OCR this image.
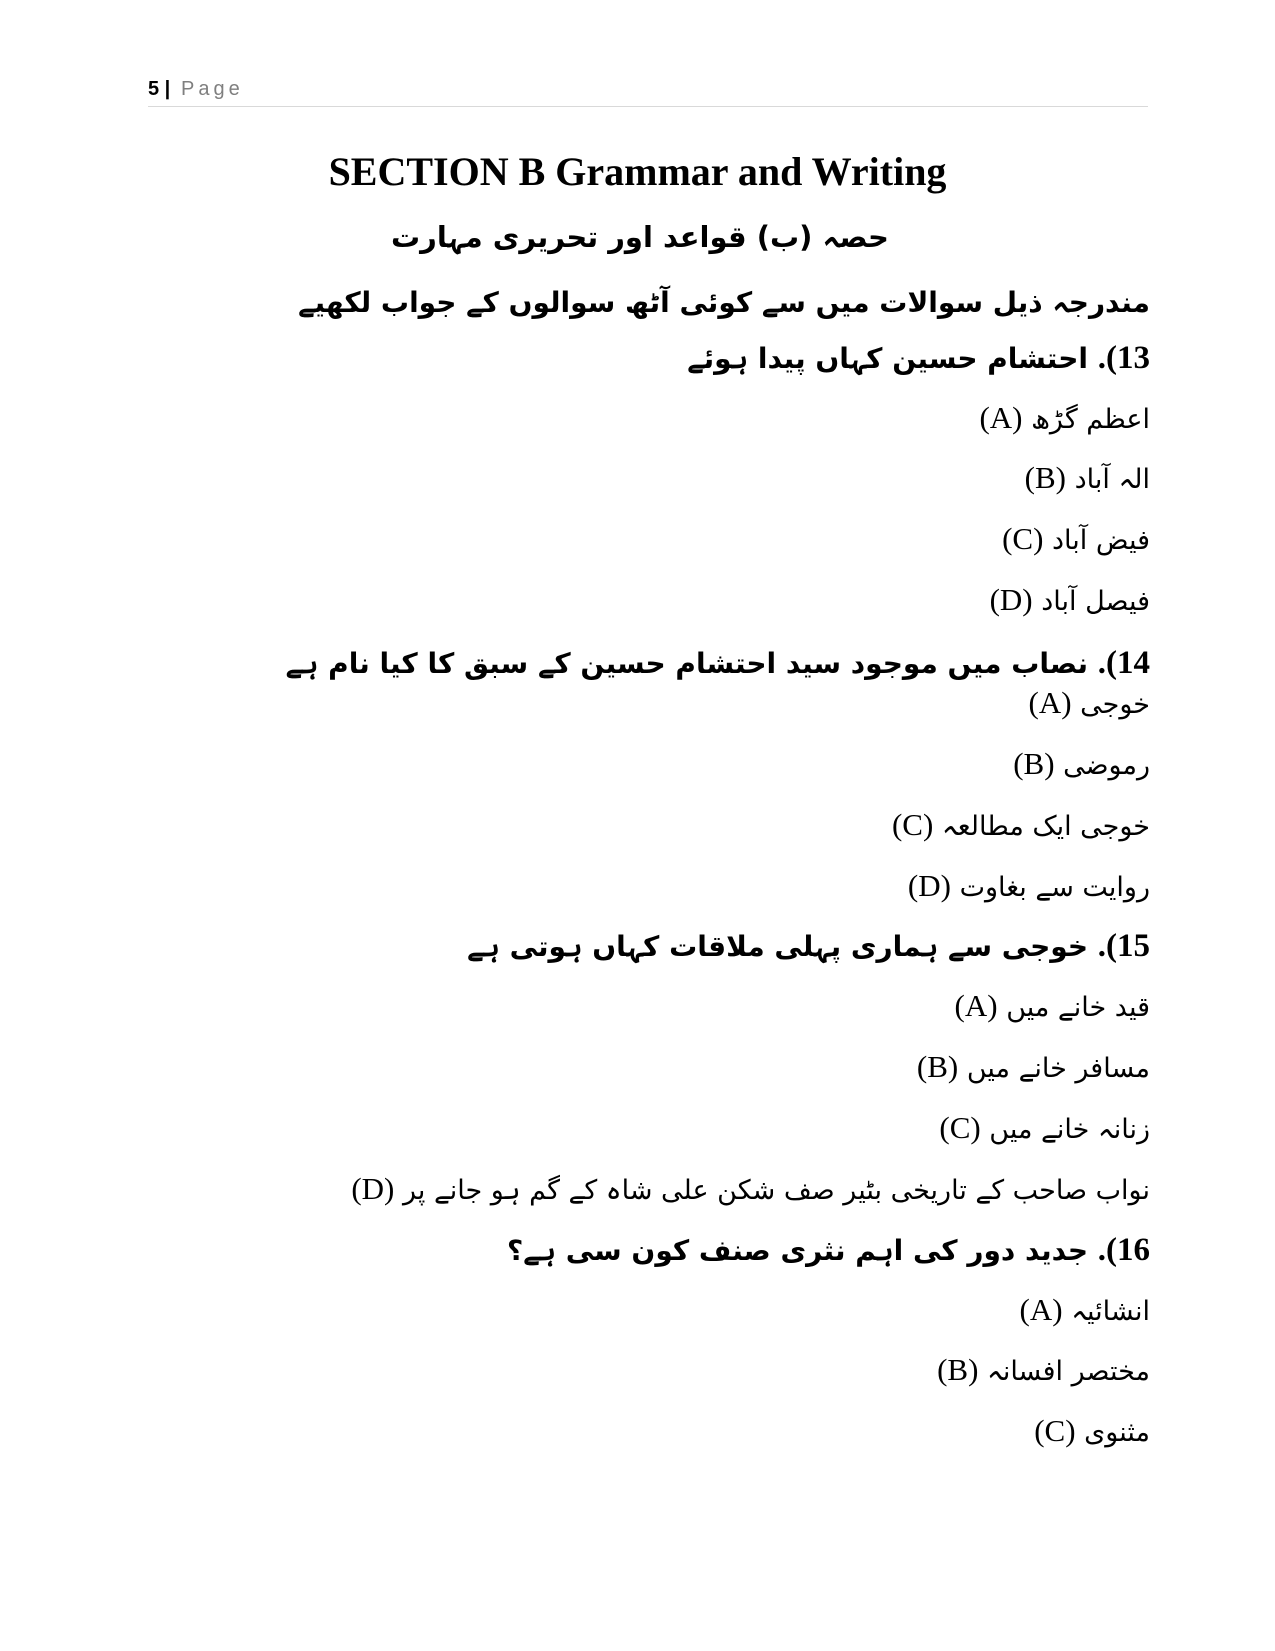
5 | Page
SECTION B Grammar and Writing
حصہ (ب) قواعد اور تحریری مہارت
مندرجہ ذیل سوالات میں سے کوئی آٹھ سوالوں کے جواب لکھیے
13). احتشام حسین کہاں پیدا ہوئے
(A) اعظم گڑھ
(B) الہ آباد
(C) فیض آباد
(D) فیصل آباد
14). نصاب میں موجود سید احتشام حسین کے سبق کا کیا نام ہے
(A) خوجی
(B) رموضی
(C) خوجی ایک مطالعہ
(D) روایت سے بغاوت
15). خوجی سے ہماری پہلی ملاقات کہاں ہوتی ہے
(A) قید خانے میں
(B) مسافر خانے میں
(C) زنانہ خانے میں
(D) نواب صاحب کے تاریخی بٹیر صف شکن علی شاہ کے گم ہو جانے پر
16). جدید دور کی اہم نثری صنف کون سی ہے؟
(A) انشائیہ
(B) مختصر افسانہ
(C) مثنوی
